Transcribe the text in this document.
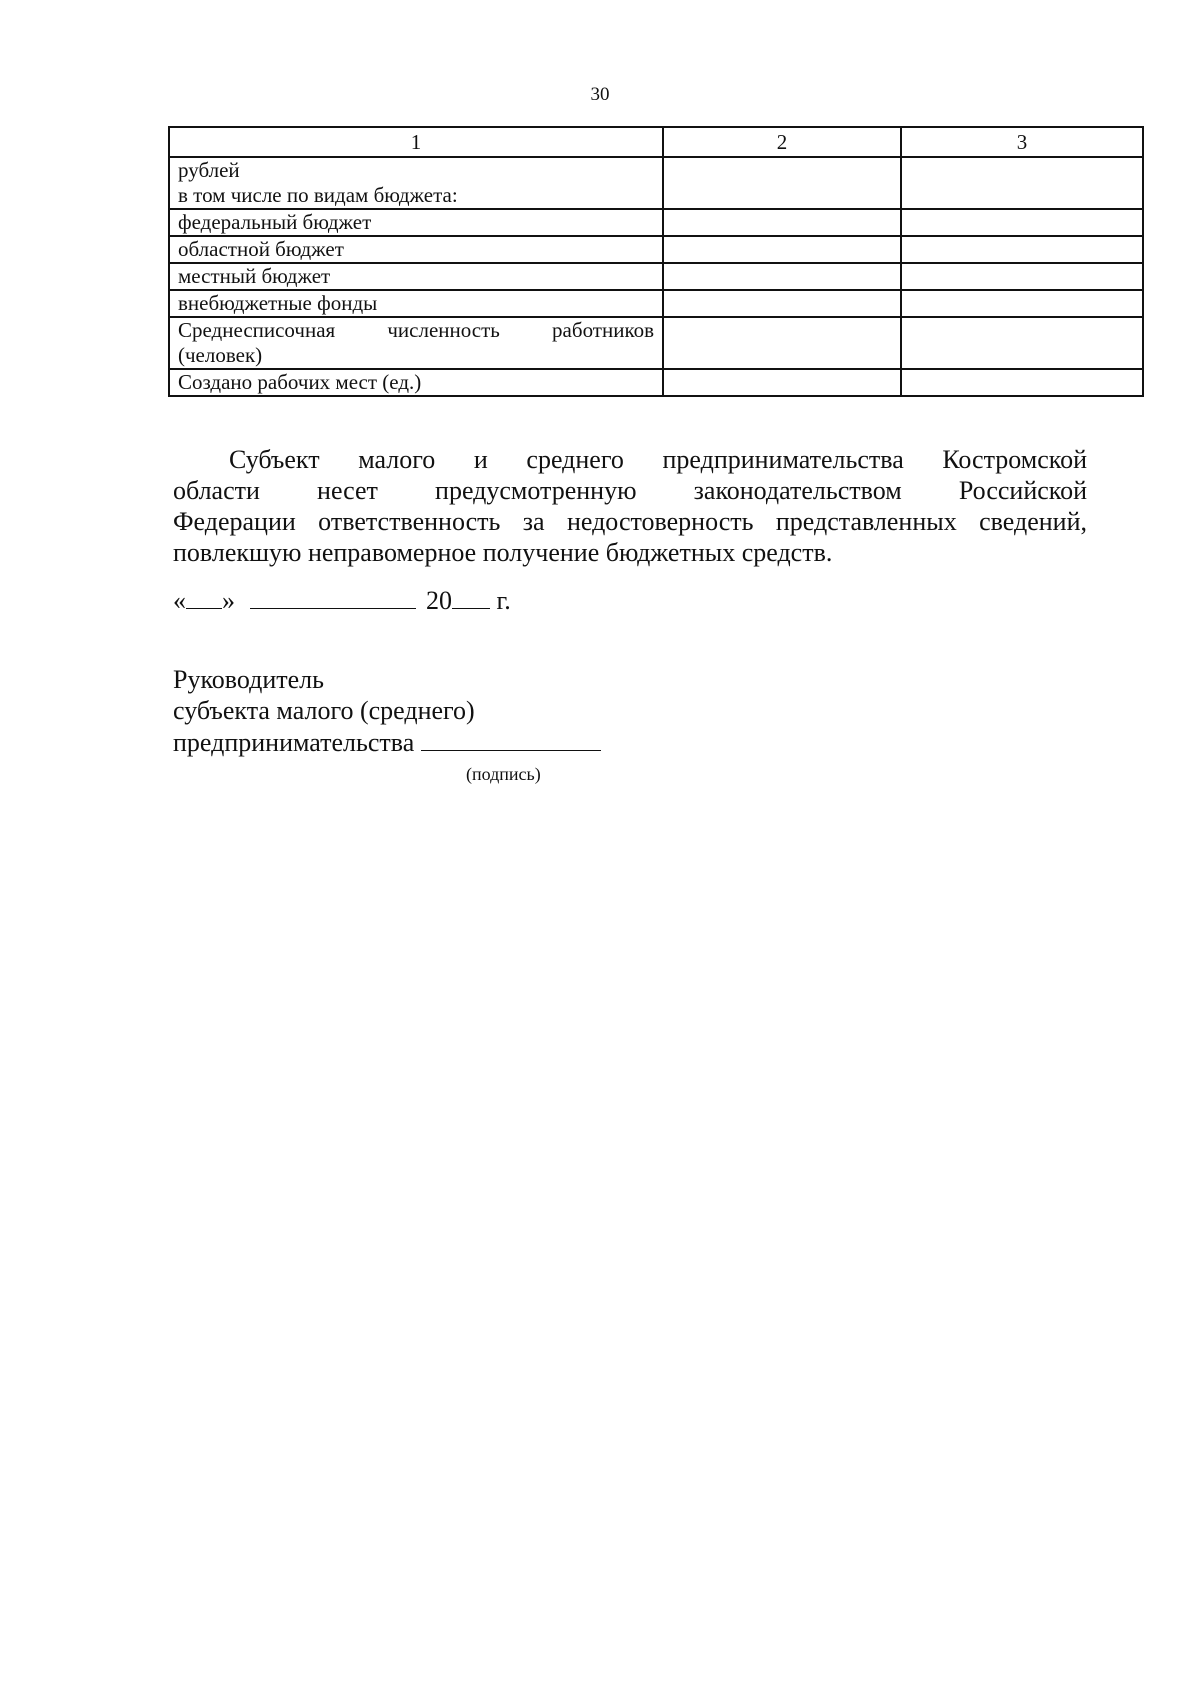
30
1	2	3

рублей
в том числе по видам бюджета:		

федеральный бюджет		
областной бюджет		
местный бюджет		
внебюджетные фонды		

Среднесписочная численность работников
(человек)		

Создано рабочих мест (ед.)		
Субъект малого и среднего предпринимательства Костромской
области несет предусмотренную законодательством Российской
Федерации ответственность за недостоверность представленных сведений,
повлекшую неправомерное получение бюджетных средств.
« »	20 г.
Руководитель
субъекта малого (среднего)
предпринимательства
(подпись)
